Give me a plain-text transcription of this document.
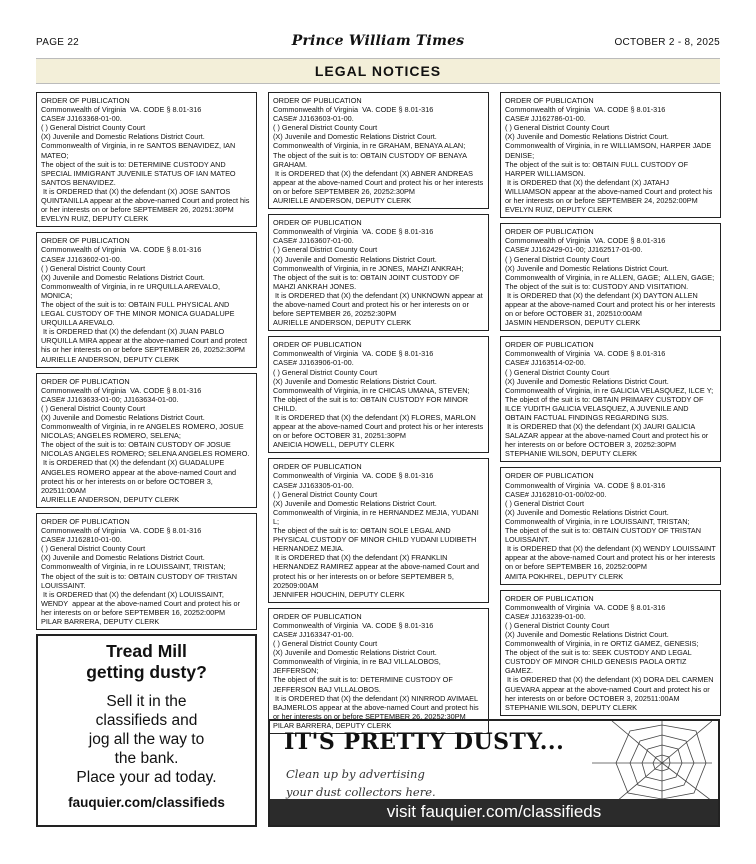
PAGE 22	Prince William Times	OCTOBER 2 - 8, 2025
LEGAL NOTICES
ORDER OF PUBLICATION
Commonwealth of Virginia  VA. CODE § 8.01-316
CASE# JJ163368-01-00.
( ) General District County Court
(X) Juvenile and Domestic Relations District Court.
Commonwealth of Virginia, in re SANTOS BENAVIDEZ, IAN MATEO;
The object of the suit is to: DETERMINE CUSTODY AND SPECIAL IMMIGRANT JUVENILE STATUS OF IAN MATEO SANTOS BENAVIDEZ.
It is ORDERED that (X) the defendant (X) JOSE SANTOS QUINTANILLA appear at the above-named Court and protect his or her interests on or before SEPTEMBER 26, 20251:30PM
EVELYN RUIZ, DEPUTY CLERK
ORDER OF PUBLICATION
Commonwealth of Virginia  VA. CODE § 8.01-316
CASE# JJ163602-01-00.
( ) General District County Court
(X) Juvenile and Domestic Relations District Court.
Commonwealth of Virginia, in re URQUILLA AREVALO, MONICA;
The object of the suit is to: OBTAIN FULL PHYSICAL AND LEGAL CUSTODY OF THE MINOR MONICA GUADALUPE URQUILLA AREVALO.
It is ORDERED that (X) the defendant (X) JUAN PABLO URQUILLA MIRA appear at the above-named Court and protect his or her interests on or before SEPTEMBER 26, 20252:30PM
AURIELLE ANDERSON, DEPUTY CLERK
ORDER OF PUBLICATION
Commonwealth of Virginia  VA. CODE § 8.01-316
CASE# JJ163633-01-00; JJ163634-01-00.
( ) General District County Court
(X) Juvenile and Domestic Relations District Court.
Commonwealth of Virginia, in re ANGELES ROMERO, JOSUE NICOLAS; ANGELES ROMERO, SELENA;
The object of the suit is to: OBTAIN CUSTODY OF JOSUE NICOLAS ANGELES ROMERO; SELENA ANGELES ROMERO.
It is ORDERED that (X) the defendant (X) GUADALUPE ANGELES ROMERO appear at the above-named Court and protect his or her interests on or before OCTOBER 3, 202511:00AM
AURIELLE ANDERSON, DEPUTY CLERK
ORDER OF PUBLICATION
Commonwealth of Virginia  VA. CODE § 8.01-316
CASE# JJ162810-01-00.
( ) General District County Court
(X) Juvenile and Domestic Relations District Court.
Commonwealth of Virginia, in re LOUISSAINT, TRISTAN;
The object of the suit is to: OBTAIN CUSTODY OF TRISTAN LOUISSAINT.
It is ORDERED that (X) the defendant (X) LOUISSAINT, WENDY  appear at the above-named Court and protect his or her interests on or before SEPTEMBER 16, 20252:00PM
PILAR BARRERA, DEPUTY CLERK
ORDER OF PUBLICATION
Commonwealth of Virginia  VA. CODE § 8.01-316
CASE# JJ163603-01-00.
( ) General District County Court
(X) Juvenile and Domestic Relations District Court.
Commonwealth of Virginia, in re GRAHAM, BENAYA ALAN;
The object of the suit is to: OBTAIN CUSTODY OF BENAYA GRAHAM.
It is ORDERED that (X) the defendant (X) ABNER ANDREAS appear at the above-named Court and protect his or her interests on or before SEPTEMBER 26, 20252:30PM
AURIELLE ANDERSON, DEPUTY CLERK
ORDER OF PUBLICATION
Commonwealth of Virginia  VA. CODE § 8.01-316
CASE# JJ163607-01-00.
( ) General District County Court
(X) Juvenile and Domestic Relations District Court.
Commonwealth of Virginia, in re JONES, MAHZI ANKRAH;
The object of the suit is to: OBTAIN JOINT CUSTODY OF MAHZI ANKRAH JONES.
It is ORDERED that (X) the defendant (X) UNKNOWN appear at the above-named Court and protect his or her interests on or before SEPTEMBER 26, 20252:30PM
AURIELLE ANDERSON, DEPUTY CLERK
ORDER OF PUBLICATION
Commonwealth of Virginia  VA. CODE § 8.01-316
CASE# JJ163906-01-00.
( ) General District County Court
(X) Juvenile and Domestic Relations District Court.
Commonwealth of Virginia, in re CHICAS UMANA, STEVEN;
The object of the suit is to: OBTAIN CUSTODY FOR MINOR CHILD.
It is ORDERED that (X) the defendant (X) FLORES, MARLON appear at the above-named Court and protect his or her interests on or before OCTOBER 31, 20251:30PM
ANEICIA HOWELL, DEPUTY CLERK
ORDER OF PUBLICATION
Commonwealth of Virginia  VA. CODE § 8.01-316
CASE# JJ163305-01-00.
( ) General District County Court
(X) Juvenile and Domestic Relations District Court.
Commonwealth of Virginia, in re HERNANDEZ MEJIA, YUDANI L;
The object of the suit is to: OBTAIN SOLE LEGAL AND PHYSICAL CUSTODY OF MINOR CHILD YUDANI LUDIBETH HERNANDEZ MEJIA.
It is ORDERED that (X) the defendant (X) FRANKLIN HERNANDEZ RAMIREZ appear at the above-named Court and protect his or her interests on or before SEPTEMBER 5, 202509:00AM
JENNIFER HOUCHIN, DEPUTY CLERK
ORDER OF PUBLICATION
Commonwealth of Virginia  VA. CODE § 8.01-316
CASE# JJ163347-01-00.
( ) General District County Court
(X) Juvenile and Domestic Relations District Court.
Commonwealth of Virginia, in re BAJ VILLALOBOS, JEFFERSON;
The object of the suit is to: DETERMINE CUSTODY OF JEFFERSON BAJ VILLALOBOS.
It is ORDERED that (X) the defendant (X) NINRROD AVIMAEL BAJMERLOS appear at the above-named Court and protect his or her interests on or before SEPTEMBER 26, 20252:30PM
PILAR BARRERA, DEPUTY CLERK
ORDER OF PUBLICATION
Commonwealth of Virginia  VA. CODE § 8.01-316
CASE# JJ162786-01-00.
( ) General District County Court
(X) Juvenile and Domestic Relations District Court.
Commonwealth of Virginia, in re WILLIAMSON, HARPER JADE DENISE;
The object of the suit is to: OBTAIN FULL CUSTODY OF HARPER WILLIAMSON.
It is ORDERED that (X) the defendant (X) JATAHJ WILLIAMSON appear at the above-named Court and protect his or her interests on or before SEPTEMBER 24, 20252:00PM
EVELYN RUIZ, DEPUTY CLERK
ORDER OF PUBLICATION
Commonwealth of Virginia  VA. CODE § 8.01-316
CASE# JJ162429-01-00; JJ162517-01-00.
( ) General District County Court
(X) Juvenile and Domestic Relations District Court.
Commonwealth of Virginia, in re ALLEN, GAGE;  ALLEN, GAGE;
The object of the suit is to: CUSTODY AND VISITATION.
It is ORDERED that (X) the defendant (X) DAYTON ALLEN appear at the above-named Court and protect his or her interests on or before OCTOBER 31, 202510:00AM
JASMIN HENDERSON, DEPUTY CLERK
ORDER OF PUBLICATION
Commonwealth of Virginia  VA. CODE § 8.01-316
CASE# JJ163514-02-00.
( ) General District County Court
(X) Juvenile and Domestic Relations District Court.
Commonwealth of Virginia, in re GALICIA VELASQUEZ, ILCE Y;
The object of the suit is to: OBTAIN PRIMARY CUSTODY OF ILCE YUDITH GALICIA VELASQUEZ, A JUVENILE AND OBTAIN FACTUAL FINDINGS REGARDING SIJS.
It is ORDERED that (X) the defendant (X) JAURI GALICIA SALAZAR appear at the above-named Court and protect his or her interests on or before OCTOBER 3, 20252:30PM
STEPHANIE WILSON, DEPUTY CLERK
ORDER OF PUBLICATION
Commonwealth of Virginia  VA. CODE § 8.01-316
CASE# JJ162810-01-00/02-00.
( ) General District Court
(X) Juvenile and Domestic Relations District Court.
Commonwealth of Virginia, in re LOUISSAINT, TRISTAN;
The object of the suit is to: OBTAIN CUSTODY OF TRISTAN LOUISSAINT.
It is ORDERED that (X) the defendant (X) WENDY LOUISSAINT appear at the above-named Court and protect his or her interests on or before SEPTEMBER 16, 20252:00PM
AMITA POKHREL, DEPUTY CLERK
ORDER OF PUBLICATION
Commonwealth of Virginia  VA. CODE § 8.01-316
CASE# JJ163239-01-00.
( ) General District County Court
(X) Juvenile and Domestic Relations District Court.
Commonwealth of Virginia, in re ORTIZ GAMEZ, GENESIS;
The object of the suit is to: SEEK CUSTODY AND LEGAL CUSTODY OF MINOR CHILD GENESIS PAOLA ORTIZ GAMEZ.
It is ORDERED that (X) the defendant (X) DORA DEL CARMEN GUEVARA appear at the above-named Court and protect his or her interests on or before OCTOBER 3, 202511:00AM
STEPHANIE WILSON, DEPUTY CLERK
Tread Mill
getting dusty?
Sell it in the
classifieds and
jog all the way to
the bank.
Place your ad today.
fauquier.com/classifieds
IT'S PRETTY DUSTY...
Clean up by advertising
your dust collectors here.
visit fauquier.com/classifieds
